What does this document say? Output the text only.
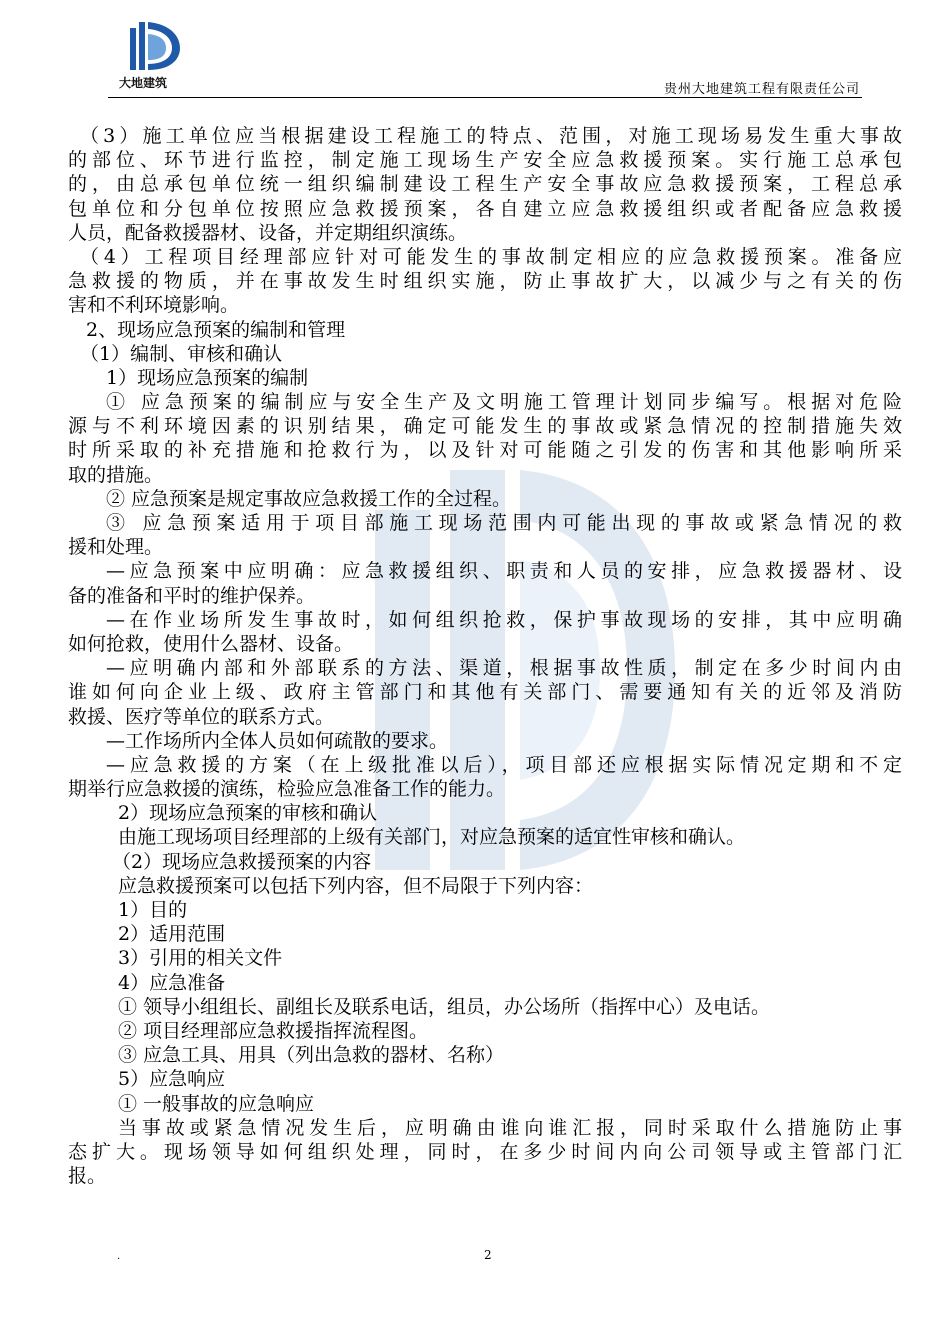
大地建筑	贵州大地建筑工程有限责任公司
（3）施工单位应当根据建设工程施工的特点、范围，对施工现场易发生重大事故
的部位、环节进行监控，制定施工现场生产安全应急救援预案。实行施工总承包
的，由总承包单位统一组织编制建设工程生产安全事故应急救援预案，工程总承
包单位和分包单位按照应急救援预案，各自建立应急救援组织或者配备应急救援
人员，配备救援器材、设备，并定期组织演练。
（4）工程项目经理部应针对可能发生的事故制定相应的应急救援预案。准备应
急救援的物质，并在事故发生时组织实施，防止事故扩大，以减少与之有关的伤
害和不利环境影响。
2、现场应急预案的编制和管理
（1）编制、审核和确认
1）现场应急预案的编制
① 应急预案的编制应与安全生产及文明施工管理计划同步编写。根据对危险
源与不利环境因素的识别结果，确定可能发生的事故或紧急情况的控制措施失效
时所采取的补充措施和抢救行为，以及针对可能随之引发的伤害和其他影响所采
取的措施。
② 应急预案是规定事故应急救援工作的全过程。
③ 应急预案适用于项目部施工现场范围内可能出现的事故或紧急情况的救
援和处理。
—应急预案中应明确：应急救援组织、职责和人员的安排，应急救援器材、设
备的准备和平时的维护保养。
—在作业场所发生事故时，如何组织抢救，保护事故现场的安排，其中应明确
如何抢救，使用什么器材、设备。
—应明确内部和外部联系的方法、渠道，根据事故性质，制定在多少时间内由
谁如何向企业上级、政府主管部门和其他有关部门、需要通知有关的近邻及消防
救援、医疗等单位的联系方式。
—工作场所内全体人员如何疏散的要求。
—应急救援的方案（在上级批准以后），项目部还应根据实际情况定期和不定
期举行应急救援的演练，检验应急准备工作的能力。
2）现场应急预案的审核和确认
由施工现场项目经理部的上级有关部门，对应急预案的适宜性审核和确认。
（2）现场应急救援预案的内容
应急救援预案可以包括下列内容，但不局限于下列内容：
1）目的
2）适用范围
3）引用的相关文件
4）应急准备
① 领导小组组长、副组长及联系电话，组员，办公场所（指挥中心）及电话。
② 项目经理部应急救援指挥流程图。
③ 应急工具、用具（列出急救的器材、名称）
5）应急响应
① 一般事故的应急响应
当事故或紧急情况发生后，应明确由谁向谁汇报，同时采取什么措施防止事
态扩大。现场领导如何组织处理，同时，在多少时间内向公司领导或主管部门汇
报。
.	2
